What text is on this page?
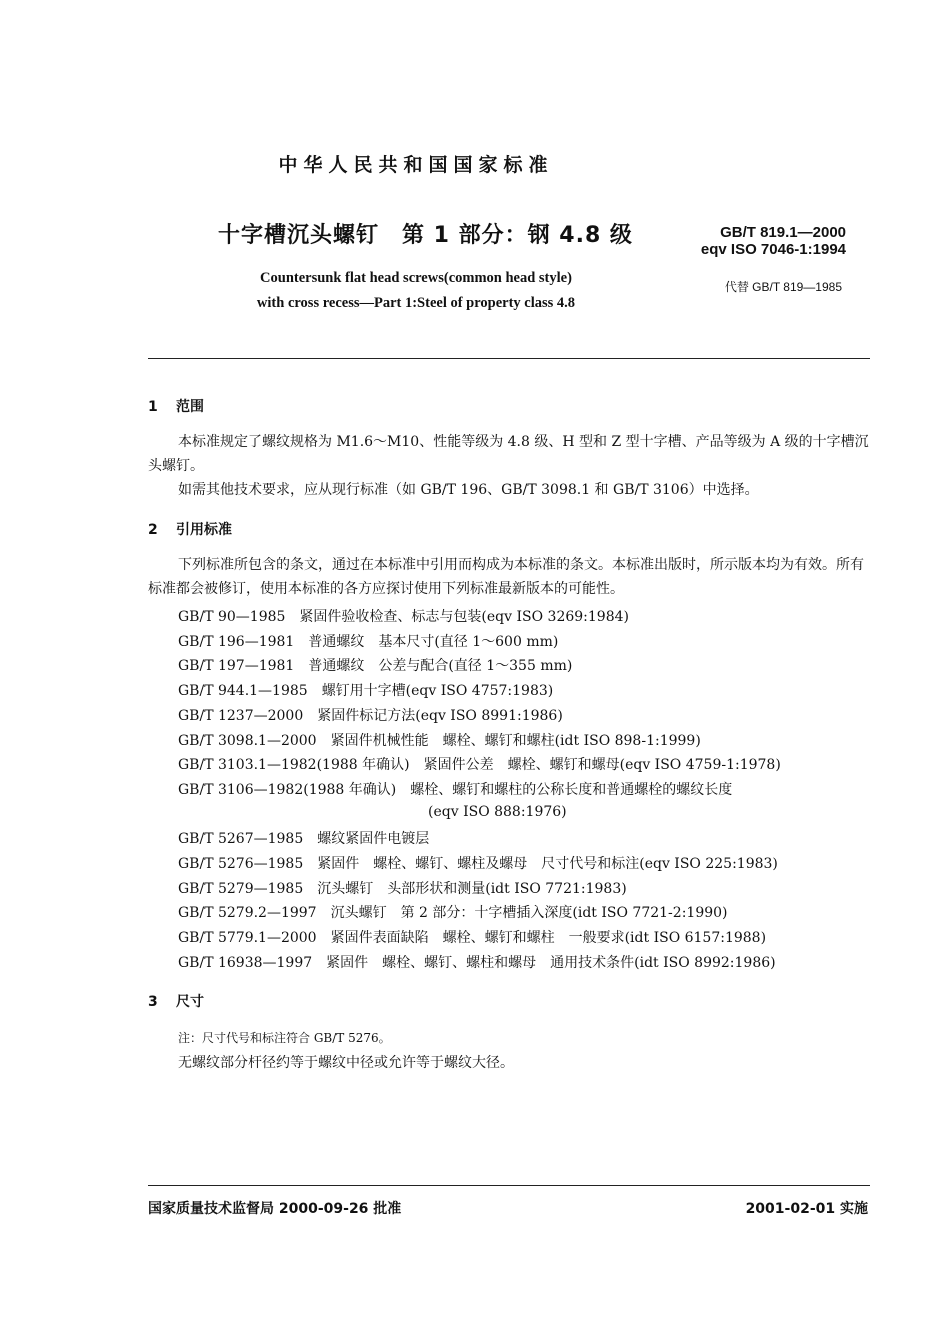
中华人民共和国国家标准
十字槽沉头螺钉　第 1 部分：钢 4.8 级	GB/T 819.1—2000
eqv ISO 7046-1:1994
代替 GB/T 819—1985
Countersunk flat head screws(common head style)
with cross recess—Part 1:Steel of property class 4.8
1 范围
本标准规定了螺纹规格为 M1.6～M10、性能等级为 4.8 级、H 型和 Z 型十字槽、产品等级为 A 级的十字槽沉头螺钉。
如需其他技术要求，应从现行标准（如 GB/T 196、GB/T 3098.1 和 GB/T 3106）中选择。
2 引用标准
下列标准所包含的条文，通过在本标准中引用而构成为本标准的条文。本标准出版时，所示版本均为有效。所有标准都会被修订，使用本标准的各方应探讨使用下列标准最新版本的可能性。
GB/T 90—1985 紧固件验收检查、标志与包装(eqv ISO 3269:1984)
GB/T 196—1981 普通螺纹　基本尺寸(直径 1～600 mm)
GB/T 197—1981 普通螺纹　公差与配合(直径 1～355 mm)
GB/T 944.1—1985 螺钉用十字槽(eqv ISO 4757:1983)
GB/T 1237—2000 紧固件标记方法(eqv ISO 8991:1986)
GB/T 3098.1—2000 紧固件机械性能　螺栓、螺钉和螺柱(idt ISO 898-1:1999)
GB/T 3103.1—1982(1988 年确认) 紧固件公差　螺栓、螺钉和螺母(eqv ISO 4759-1:1978)
GB/T 3106—1982(1988 年确认) 螺栓、螺钉和螺柱的公称长度和普通螺栓的螺纹长度
(eqv ISO 888:1976)
GB/T 5267—1985 螺纹紧固件电镀层
GB/T 5276—1985 紧固件　螺栓、螺钉、螺柱及螺母　尺寸代号和标注(eqv ISO 225:1983)
GB/T 5279—1985 沉头螺钉　头部形状和测量(idt ISO 7721:1983)
GB/T 5279.2—1997 沉头螺钉　第 2 部分：十字槽插入深度(idt ISO 7721-2:1990)
GB/T 5779.1—2000 紧固件表面缺陷　螺栓、螺钉和螺柱　一般要求(idt ISO 6157:1988)
GB/T 16938—1997 紧固件　螺栓、螺钉、螺柱和螺母　通用技术条件(idt ISO 8992:1986)
3 尺寸
注：尺寸代号和标注符合 GB/T 5276。
无螺纹部分杆径约等于螺纹中径或允许等于螺纹大径。
国家质量技术监督局 2000-09-26 批准	2001-02-01 实施
